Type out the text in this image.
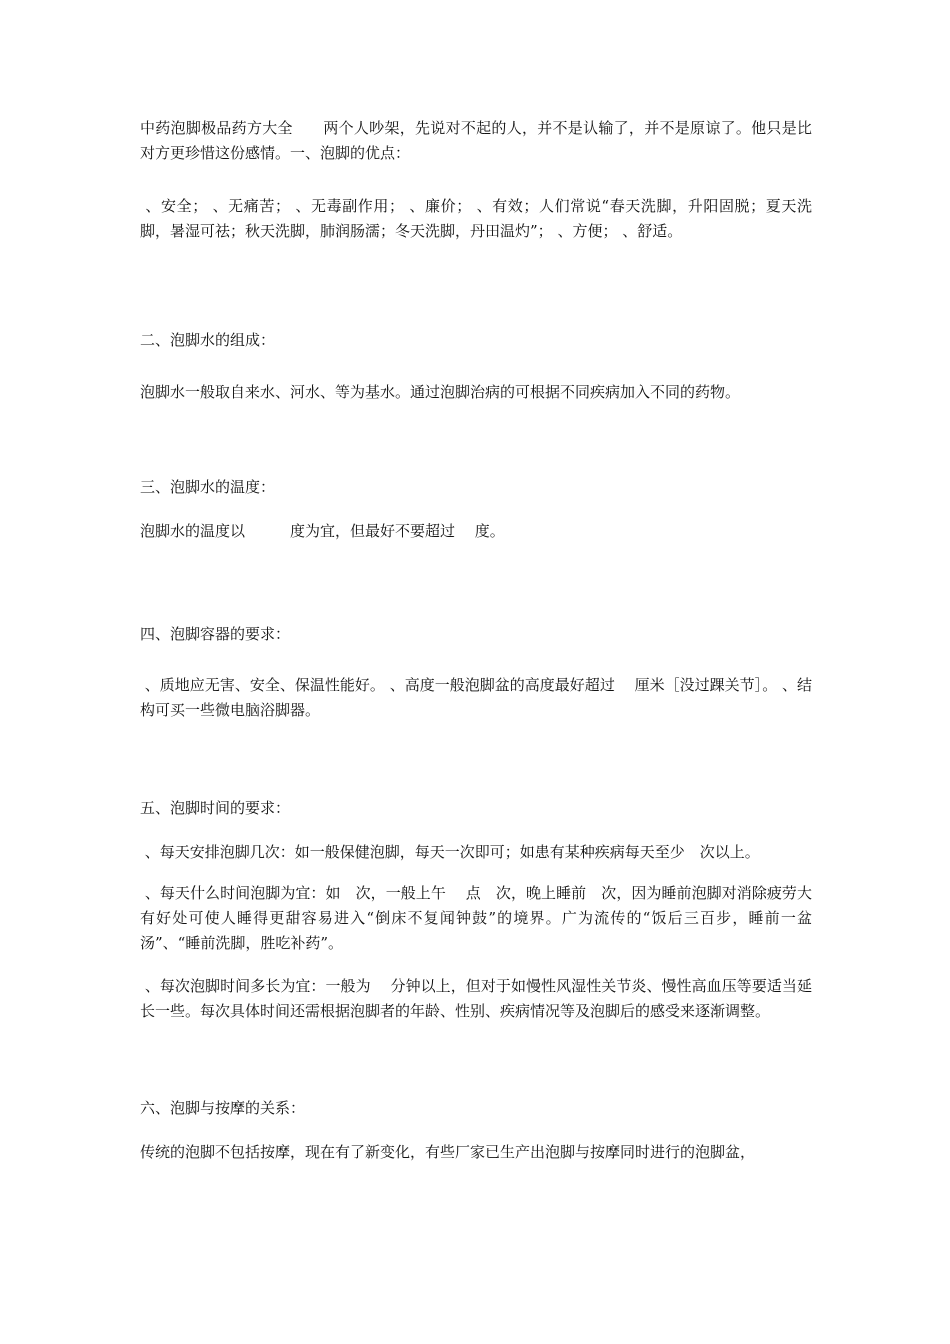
中药泡脚极品药方大全　　两个人吵架，先说对不起的人，并不是认输了，并不是原谅了。他只是比对方更珍惜这份感情。一、泡脚的优点：

、安全； 、无痛苦； 、无毒副作用； 、廉价； 、有效；人们常说“春天洗脚，升阳固脱；夏天洗脚，暑湿可祛；秋天洗脚，肺润肠濡；冬天洗脚，丹田温灼”； 、方便； 、舒适。

二、泡脚水的组成：

泡脚水一般取自来水、河水、等为基水。通过泡脚治病的可根据不同疾病加入不同的药物。

三、泡脚水的温度：

泡脚水的温度以　　　度为宜，但最好不要超过　 度。

四、泡脚容器的要求：

、质地应无害、安全、保温性能好。 、高度一般泡脚盆的高度最好超过　 厘米［没过踝关节］。 、结构可买一些微电脑浴脚器。

五、泡脚时间的要求：

、每天安排泡脚几次：如一般保健泡脚，每天一次即可；如患有某种疾病每天至少　次以上。

、每天什么时间泡脚为宜：如　次，一般上午　 点　次，晚上睡前　次，因为睡前泡脚对消除疲劳大有好处可使人睡得更甜容易进入“倒床不复闻钟鼓”的境界。广为流传的“饭后三百步，睡前一盆汤”、“睡前洗脚，胜吃补药”。

、每次泡脚时间多长为宜：一般为　 分钟以上，但对于如慢性风湿性关节炎、慢性高血压等要适当延长一些。每次具体时间还需根据泡脚者的年龄、性别、疾病情况等及泡脚后的感受来逐渐调整。

六、泡脚与按摩的关系：

传统的泡脚不包括按摩，现在有了新变化，有些厂家已生产出泡脚与按摩同时进行的泡脚盆，
